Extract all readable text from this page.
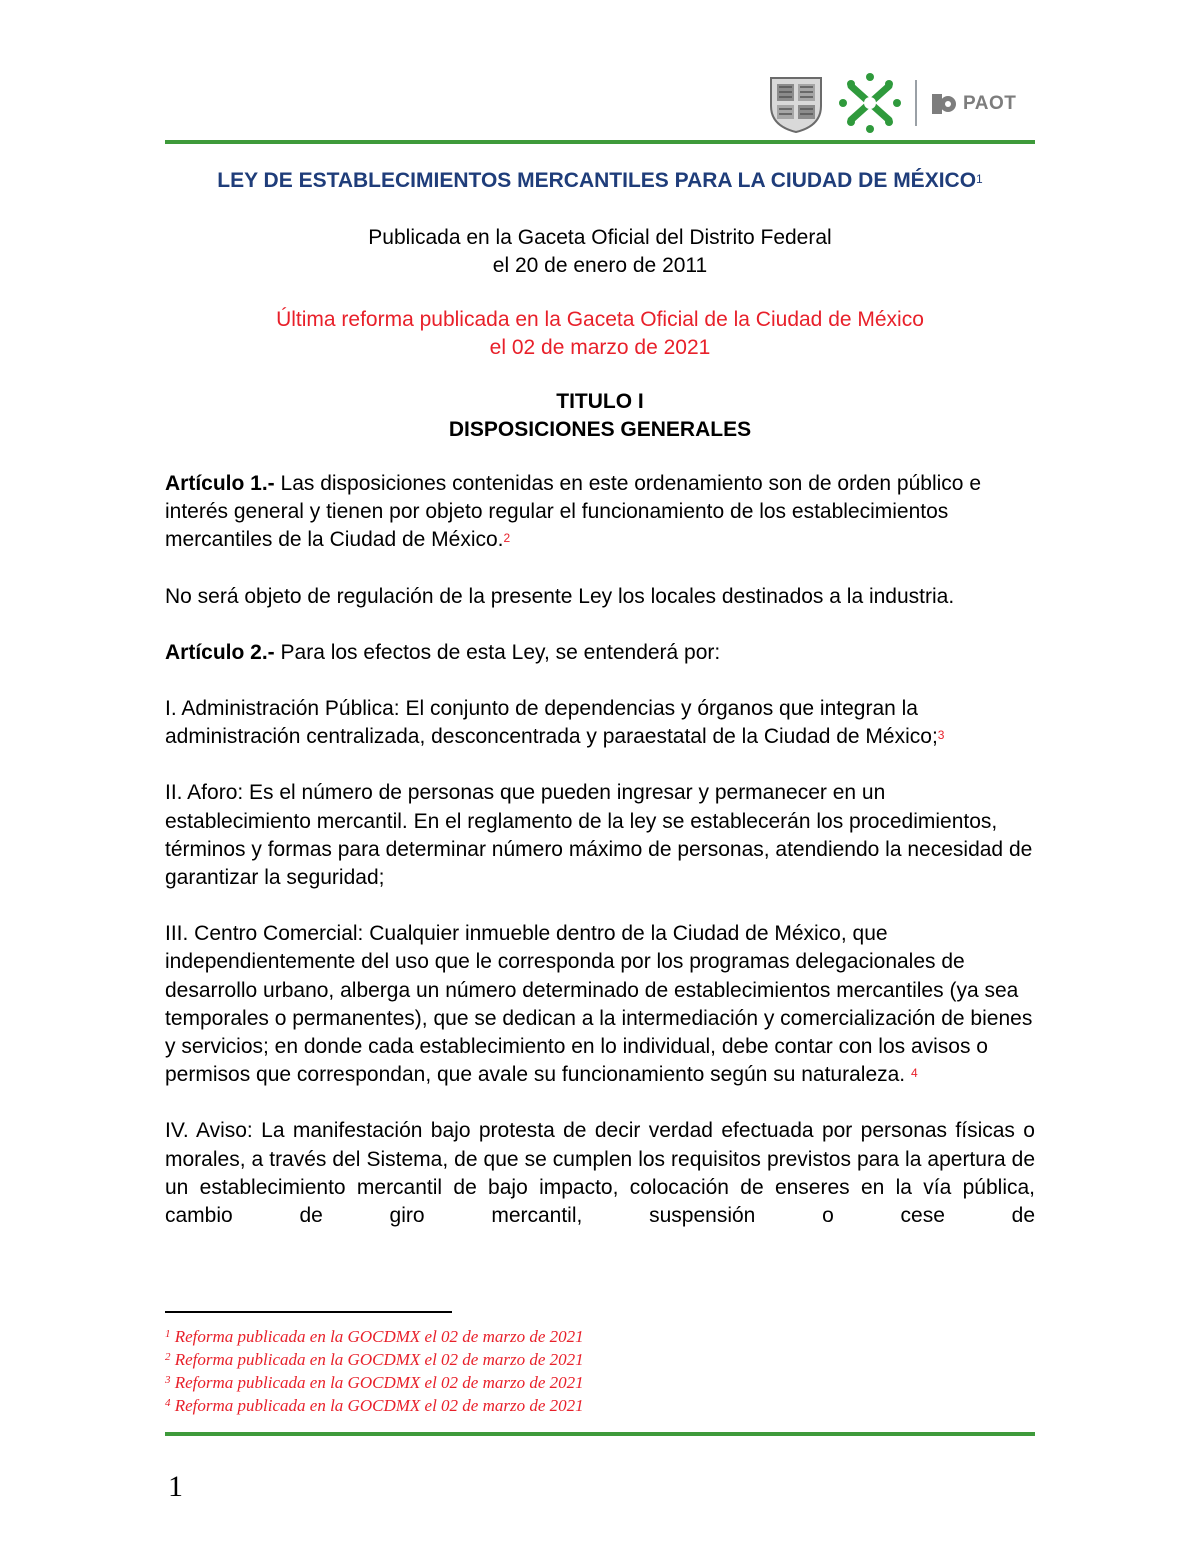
PAOT

LEY DE ESTABLECIMIENTOS MERCANTILES PARA LA CIUDAD DE MÉXICO$^1$

Publicada en la Gaceta Oficial del Distrito Federal

el 20 de enero de 2011

Última reforma publicada en la Gaceta Oficial de la Ciudad de México

el 02 de marzo de 2021

TITULO I

DISPOSICIONES GENERALES

Artículo 1.- Las disposiciones contenidas en este ordenamiento son de orden público e interés general y tienen por objeto regular el funcionamiento de los establecimientos mercantiles de la Ciudad de México.$^2$

No será objeto de regulación de la presente Ley los locales destinados a la industria.

Artículo 2.- Para los efectos de esta Ley, se entenderá por:

I. Administración Pública: El conjunto de dependencias y órganos que integran la administración centralizada, desconcentrada y paraestatal de la Ciudad de México;$^3$

II. Aforo: Es el número de personas que pueden ingresar y permanecer en un establecimiento mercantil. En el reglamento de la ley se establecerán los procedimientos, términos y formas para determinar número máximo de personas, atendiendo la necesidad de garantizar la seguridad;

III. Centro Comercial: Cualquier inmueble dentro de la Ciudad de México, que independientemente del uso que le corresponda por los programas delegacionales de desarrollo urbano, alberga un número determinado de establecimientos mercantiles (ya sea temporales o permanentes), que se dedican a la intermediación y comercialización de bienes y servicios; en donde cada establecimiento en lo individual, debe contar con los avisos o permisos que correspondan, que avale su funcionamiento según su naturaleza. $^4$

IV. Aviso: La manifestación bajo protesta de decir verdad efectuada por personas físicas o morales, a través del Sistema, de que se cumplen los requisitos previstos para la apertura de un establecimiento mercantil de bajo impacto, colocación de enseres en la vía pública, cambio de giro mercantil, suspensión o cese de

$^1$ Reforma publicada en la GOCDMX el 02 de marzo de 2021
$^2$ Reforma publicada en la GOCDMX el 02 de marzo de 2021
$^3$ Reforma publicada en la GOCDMX el 02 de marzo de 2021
$^4$ Reforma publicada en la GOCDMX el 02 de marzo de 2021
1
